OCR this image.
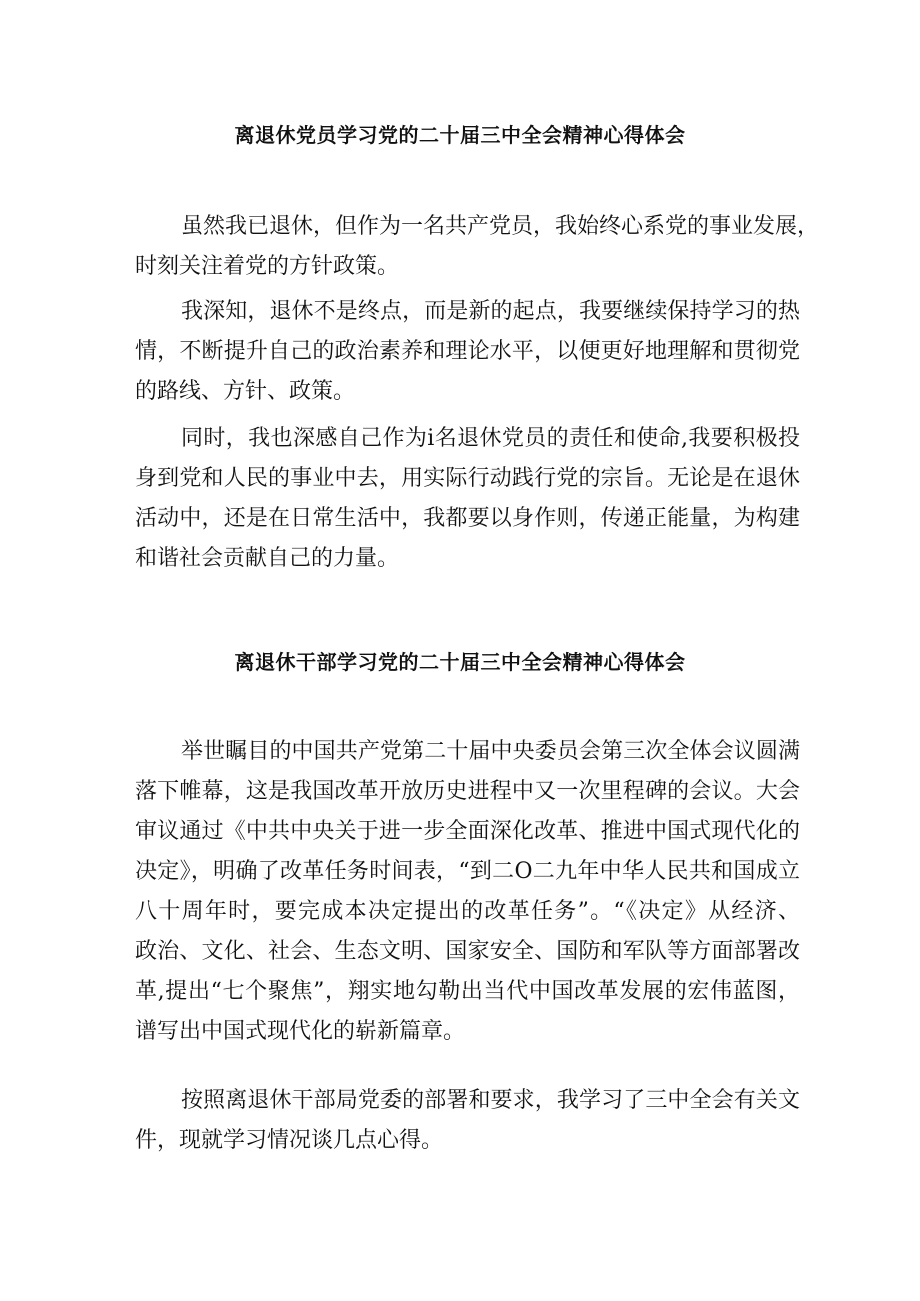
离退休党员学习党的二十届三中全会精神心得体会
虽然我已退休，但作为一名共产党员，我始终心系党的事业发展，
时刻关注着党的方针政策。
我深知，退休不是终点，而是新的起点，我要继续保持学习的热
情，不断提升自己的政治素养和理论水平，以便更好地理解和贯彻党
的路线、方针、政策。
同时，我也深感自己作为i名退休党员的责任和使命,我要积极投
身到党和人民的事业中去，用实际行动践行党的宗旨。无论是在退休
活动中，还是在日常生活中，我都要以身作则，传递正能量，为构建
和谐社会贡献自己的力量。
离退休干部学习党的二十届三中全会精神心得体会
举世瞩目的中国共产党第二十届中央委员会第三次全体会议圆满
落下帷幕，这是我国改革开放历史进程中又一次里程碑的会议。大会
审议通过《中共中央关于进一步全面深化改革、推进中国式现代化的
决定》，明确了改革任务时间表，“到二O二九年中华人民共和国成立
八十周年时，要完成本决定提出的改革任务”。“《决定》从经济、
政治、文化、社会、生态文明、国家安全、国防和军队等方面部署改
革,提出“七个聚焦”，翔实地勾勒出当代中国改革发展的宏伟蓝图，
谱写出中国式现代化的崭新篇章。
按照离退休干部局党委的部署和要求，我学习了三中全会有关文
件，现就学习情况谈几点心得。
